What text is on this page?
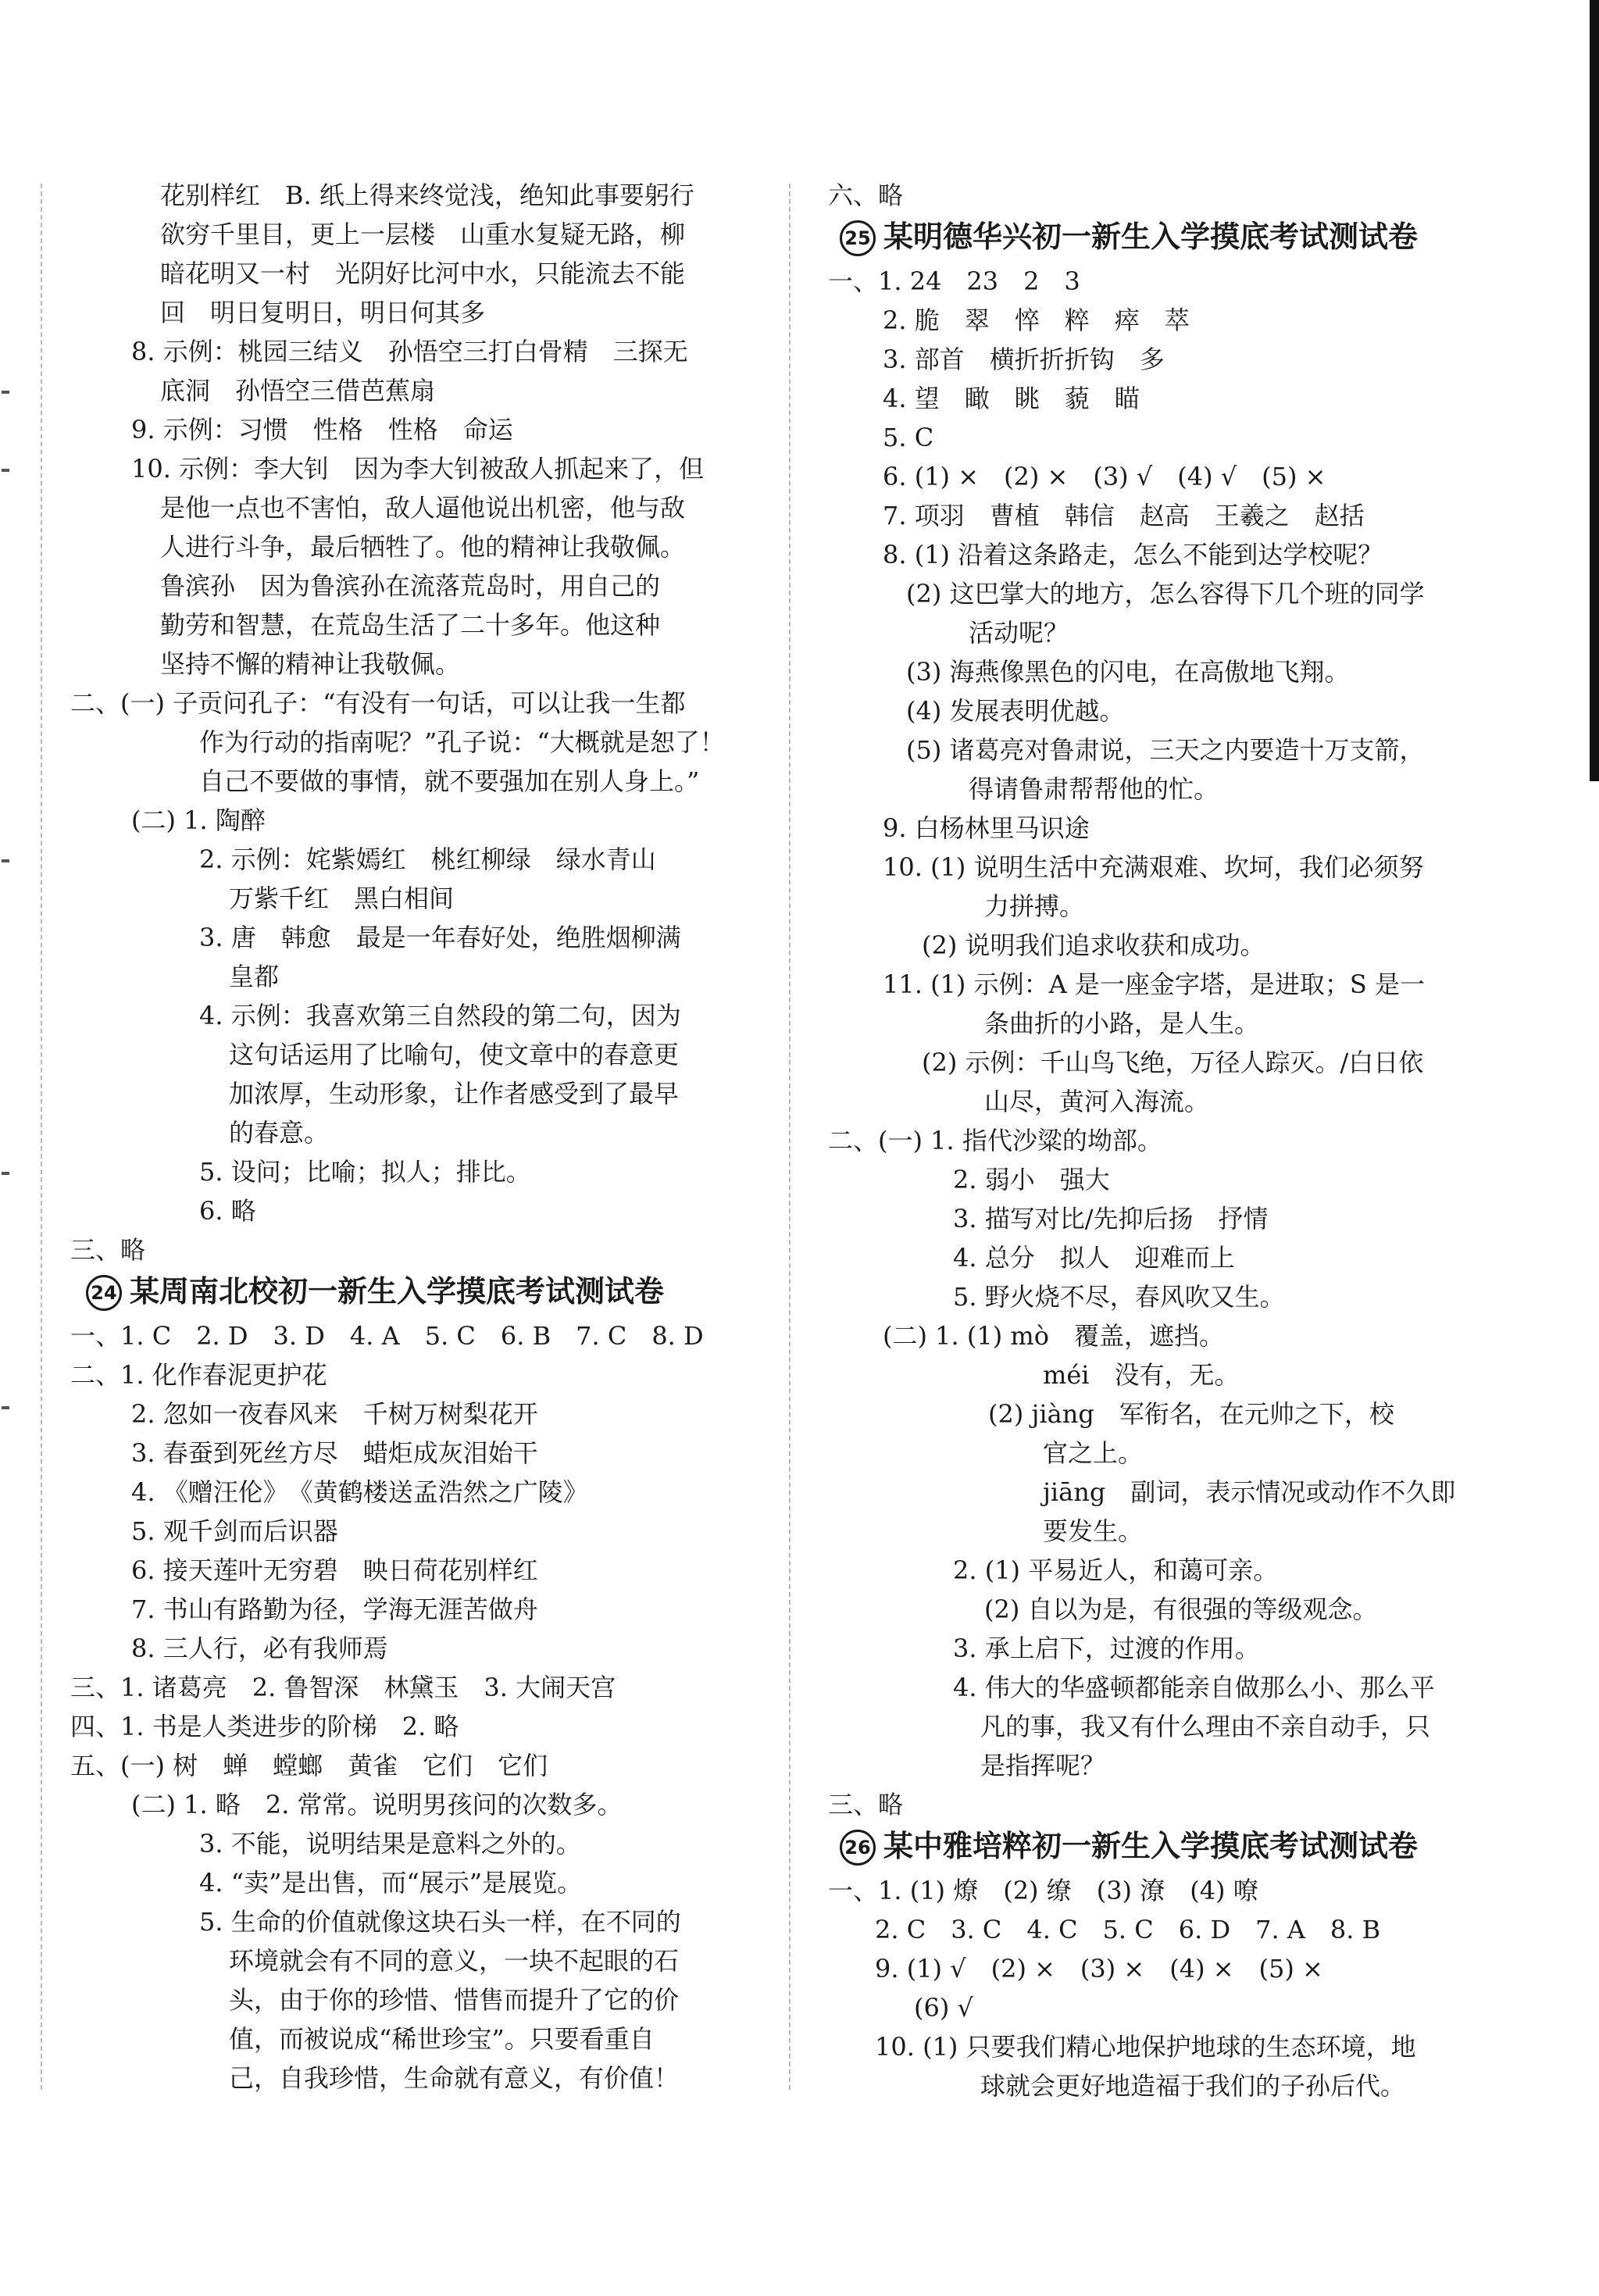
花别样红　B. 纸上得来终觉浅，绝知此事要躬行
欲穷千里目，更上一层楼　山重水复疑无路，柳
暗花明又一村　光阴好比河中水，只能流去不能
回　明日复明日，明日何其多
8. 示例：桃园三结义　孙悟空三打白骨精　三探无
底洞　孙悟空三借芭蕉扇
9. 示例：习惯　性格　性格　命运
10. 示例：李大钊　因为李大钊被敌人抓起来了，但
是他一点也不害怕，敌人逼他说出机密，他与敌
人进行斗争，最后牺牲了。他的精神让我敬佩。
鲁滨孙　因为鲁滨孙在流落荒岛时，用自己的
勤劳和智慧，在荒岛生活了二十多年。他这种
坚持不懈的精神让我敬佩。
二、(一) 子贡问孔子：“有没有一句话，可以让我一生都
作为行动的指南呢？”孔子说：“大概就是恕了！
自己不要做的事情，就不要强加在别人身上。”
(二) 1. 陶醉
2. 示例：姹紫嫣红　桃红柳绿　绿水青山
万紫千红　黑白相间
3. 唐　韩愈　最是一年春好处，绝胜烟柳满
皇都
4. 示例：我喜欢第三自然段的第二句，因为
这句话运用了比喻句，使文章中的春意更
加浓厚，生动形象，让作者感受到了最早
的春意。
5. 设问；比喻；拟人；排比。
6. 略
三、略
24 某周南北校初一新生入学摸底考试测试卷
一、1. C　2. D　3. D　4. A　5. C　6. B　7. C　8. D
二、1. 化作春泥更护花
2. 忽如一夜春风来　千树万树梨花开
3. 春蚕到死丝方尽　蜡炬成灰泪始干
4. 《赠汪伦》　《黄鹤楼送孟浩然之广陵》
5. 观千剑而后识器
6. 接天莲叶无穷碧　映日荷花别样红
7. 书山有路勤为径，学海无涯苦做舟
8. 三人行，必有我师焉
三、1. 诸葛亮　2. 鲁智深　林黛玉　3. 大闹天宫
四、1. 书是人类进步的阶梯　2. 略
五、(一) 树　蝉　螳螂　黄雀　它们　它们
(二) 1. 略　2. 常常。说明男孩问的次数多。
3. 不能，说明结果是意料之外的。
4. “卖”是出售，而“展示”是展览。
5. 生命的价值就像这块石头一样，在不同的
环境就会有不同的意义，一块不起眼的石
头，由于你的珍惜、惜售而提升了它的价
值，而被说成“稀世珍宝”。只要看重自
己，自我珍惜，生命就有意义，有价值！
六、略
25 某明德华兴初一新生入学摸底考试测试卷
一、1. 24　23　2　3
2. 脆　翠　悴　粹　瘁　萃
3. 部首　横折折折钩　多
4. 望　瞰　眺　藐　瞄
5. C
6. (1) ×　(2) ×　(3) √　(4) √　(5) ×
7. 项羽　曹植　韩信　赵高　王羲之　赵括
8. (1) 沿着这条路走，怎么不能到达学校呢？
(2) 这巴掌大的地方，怎么容得下几个班的同学
活动呢？
(3) 海燕像黑色的闪电，在高傲地飞翔。
(4) 发展表明优越。
(5) 诸葛亮对鲁肃说，三天之内要造十万支箭，
得请鲁肃帮帮他的忙。
9. 白杨林里马识途
10. (1) 说明生活中充满艰难、坎坷，我们必须努
力拼搏。
(2) 说明我们追求收获和成功。
11. (1) 示例：A 是一座金字塔，是进取；S 是一
条曲折的小路，是人生。
(2) 示例：千山鸟飞绝，万径人踪灭。/白日依
山尽，黄河入海流。
二、(一) 1. 指代沙粱的坳部。
2. 弱小　强大
3. 描写对比/先抑后扬　抒情
4. 总分　拟人　迎难而上
5. 野火烧不尽，春风吹又生。
(二) 1. (1) mò　覆盖，遮挡。
méi　没有，无。
(2) jiàng　军衔名，在元帅之下，校
官之上。
jiāng　副词，表示情况或动作不久即
要发生。
2. (1) 平易近人，和蔼可亲。
(2) 自以为是，有很强的等级观念。
3. 承上启下，过渡的作用。
4. 伟大的华盛顿都能亲自做那么小、那么平
凡的事，我又有什么理由不亲自动手，只
是指挥呢？
三、略
26 某中雅培粹初一新生入学摸底考试测试卷
一、1. (1) 燎　(2) 缭　(3) 潦　(4) 嘹
2. C　3. C　4. C　5. C　6. D　7. A　8. B
9. (1) √　(2) ×　(3) ×　(4) ×　(5) ×
(6) √
10. (1) 只要我们精心地保护地球的生态环境，地
球就会更好地造福于我们的子孙后代。
